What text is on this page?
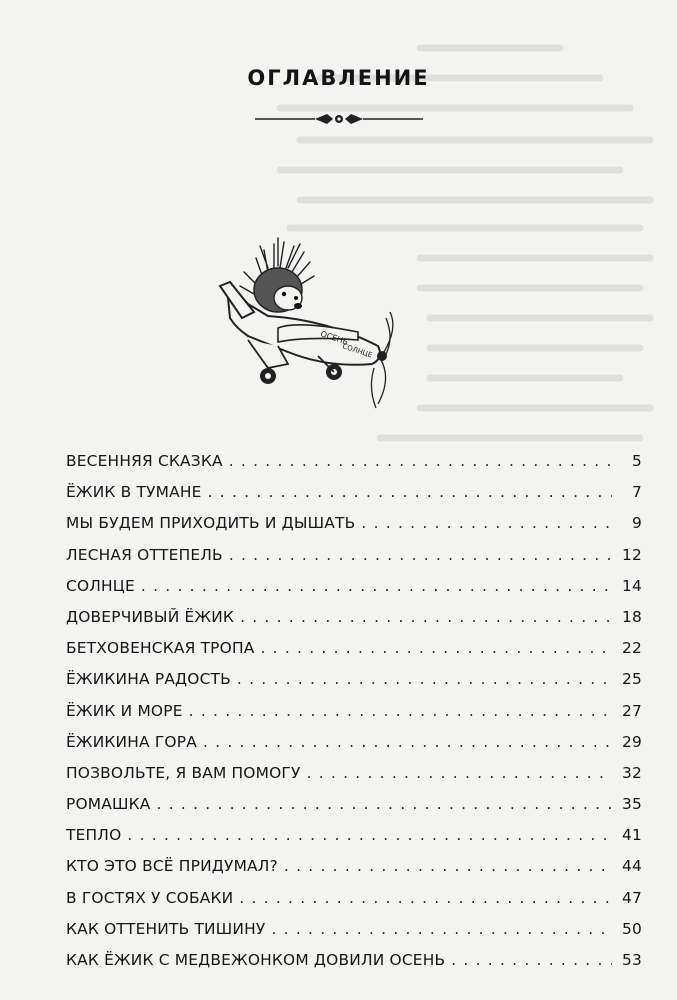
ОГЛАВЛЕНИЕ
ОСЕНЬ
СОЛНЦЕ
ВЕСЕННЯЯ СКАЗКА . . .	5
ЁЖИК В ТУМАНЕ . . .	7
МЫ БУДЕМ ПРИХОДИТЬ И ДЫШАТЬ . . .	9
ЛЕСНАЯ ОТТЕПЕЛЬ . . .	12
СОЛНЦЕ . . .	14
ДОВЕРЧИВЫЙ ЁЖИК . . .	18
БЕТХОВЕНСКАЯ ТРОПА . . .	22
ЁЖИКИНА РАДОСТЬ . . .	25
ЁЖИК И МОРЕ . . .	27
ЁЖИКИНА ГОРА . . .	29
ПОЗВОЛЬТЕ, Я ВАМ ПОМОГУ . . .	32
РОМАШКА . . .	35
ТЕПЛО . . .	41
КТО ЭТО ВСЁ ПРИДУМАЛ? . . .	44
В ГОСТЯХ У СОБАКИ . . .	47
КАК ОТТЕНИТЬ ТИШИНУ . . .	50
КАК ЁЖИК С МЕДВЕЖОНКОМ ДОВИЛИ ОСЕНЬ . . .	53
